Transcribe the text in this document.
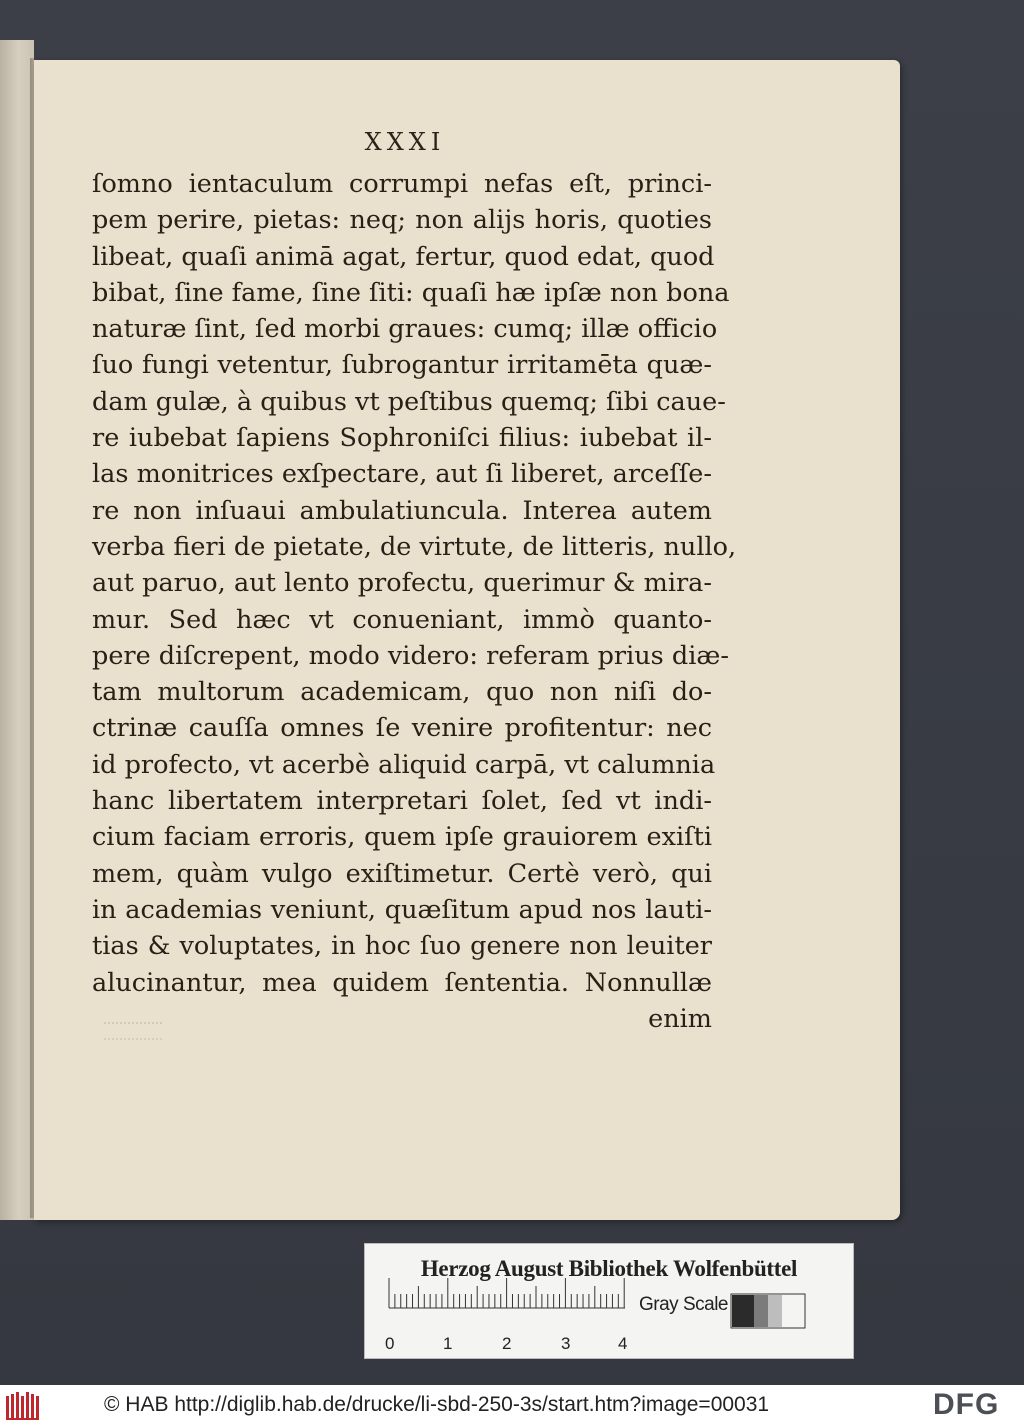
XXXI
ſomno ientaculum corrumpi nefas eſt, princi-
pem perire, pietas: neq; non alijs horis, quoties
libeat, quaſi animā agat, fertur, quod edat, quod
bibat, ſine fame, ſine ſiti: quaſi hæ ipſæ non bona
naturæ ſint, ſed morbi graues: cumq; illæ officio
ſuo fungi vetentur, ſubrogantur irritamēta quæ-
dam gulæ, à quibus vt peſtibus quemq; ſibi caue-
re iubebat ſapiens Sophroniſci filius: iubebat il-
las monitrices exſpectare, aut ſi liberet, arceſſe-
re non inſuaui ambulatiuncula. Interea autem
verba fieri de pietate, de virtute, de litteris, nullo,
aut paruo, aut lento profectu, querimur & mira-
mur. Sed hæc vt conueniant, immò quanto-
pere diſcrepent, modo videro: referam prius diæ-
tam multorum academicam, quo non niſi do-
ctrinæ cauſſa omnes ſe venire profitentur: nec
id profecto, vt acerbè aliquid carpā, vt calumnia
hanc libertatem interpretari ſolet, ſed vt indi-
cium faciam erroris, quem ipſe grauiorem exiſti
mem, quàm vulgo exiſtimetur. Certè verò, qui
in academias veniunt, quæſitum apud nos lauti-
tias & voluptates, in hoc ſuo genere non leuiter
alucinantur, mea quidem ſententia. Nonnullæ
enim
Herzog August Bibliothek Wolfenbüttel
Gray Scale
0	1	2	3	4
© HAB http://diglib.hab.de/drucke/li-sbd-250-3s/start.htm?image=00031	DFG
